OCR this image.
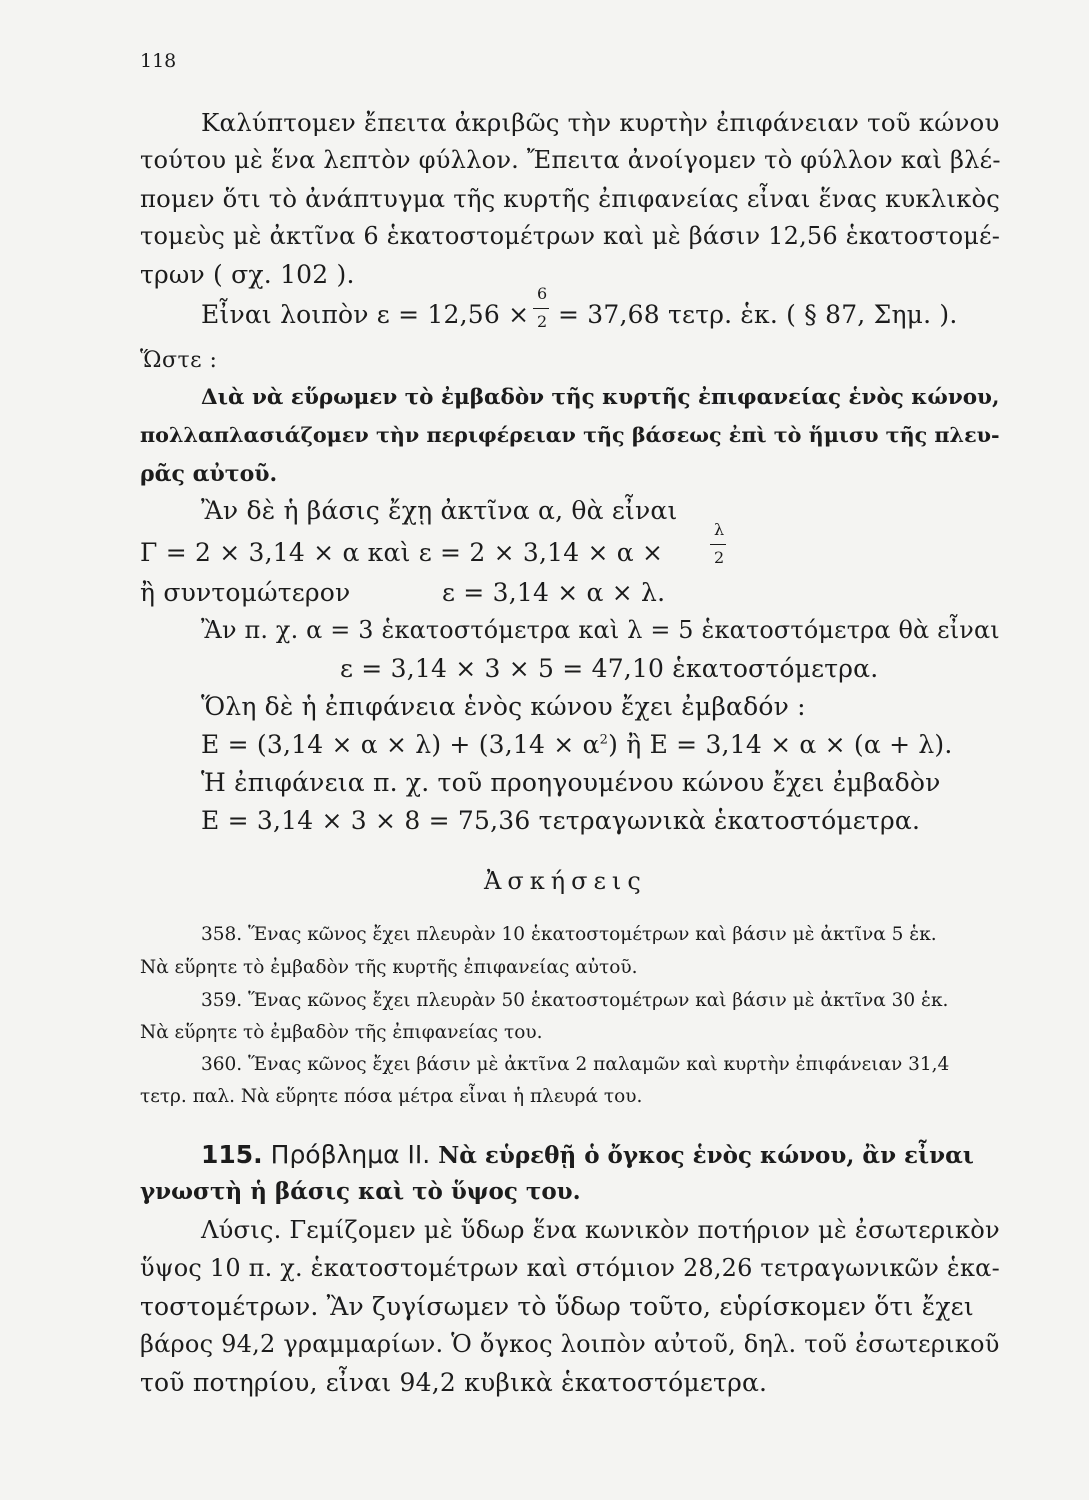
118
Καλύπτομεν ἔπειτα ἀκριβῶς τὴν κυρτὴν ἐπιφάνειαν τοῦ κώνου
τούτου μὲ ἕνα λεπτὸν φύλλον. Ἔπειτα ἀνοίγομεν τὸ φύλλον καὶ βλέ-
πομεν ὅτι τὸ ἀνάπτυγμα τῆς κυρτῆς ἐπιφανείας εἶναι ἕνας κυκλικὸς
τομεὺς μὲ ἀκτῖνα 6 ἑκατοστομέτρων καὶ μὲ βάσιν 12,56 ἑκατοστομέ-
τρων ( σχ. 102 ).
Εἶναι λοιπὸν ε = 12,56 ×
6
2 = 37,68 τετρ. ἑκ. ( § 87, Σημ. ).
Ὥστε :
Διὰ νὰ εὕρωμεν τὸ ἐμβαδὸν τῆς κυρτῆς ἐπιφανείας ἑνὸς κώνου,
πολλαπλασιάζομεν τὴν περιφέρειαν τῆς βάσεως ἐπὶ τὸ ἥμισυ τῆς πλευ-
ρᾶς αὐτοῦ.
Ἂν δὲ ἡ βάσις ἔχῃ ἀκτῖνα α, θὰ εἶναι
Γ = 2 × 3,14 × α καὶ ε = 2 × 3,14 × α ×
λ
2
ἢ συντομώτερον	ε = 3,14 × α × λ.
Ἂν π. χ. α = 3 ἑκατοστόμετρα καὶ λ = 5 ἑκατοστόμετρα θὰ εἶναι
ε = 3,14 × 3 × 5 = 47,10 ἑκατοστόμετρα.
Ὅλη δὲ ἡ ἐπιφάνεια ἑνὸς κώνου ἔχει ἐμβαδόν :
$E = (3,14 \times \alpha \times \lambda) + (3,14 \times \alpha^2)$ ἢ Ε = 3,14 × α × (α + λ).
Ἡ ἐπιφάνεια π. χ. τοῦ προηγουμένου κώνου ἔχει ἐμβαδὸν
Ε = 3,14 × 3 × 8 = 75,36 τετραγωνικὰ ἑκατοστόμετρα.
Ἀσκήσεις
358. Ἕνας κῶνος ἔχει πλευρὰν 10 ἑκατοστομέτρων καὶ βάσιν μὲ ἀκτῖνα 5 ἑκ.
Νὰ εὕρητε τὸ ἐμβαδὸν τῆς κυρτῆς ἐπιφανείας αὐτοῦ.
359. Ἕνας κῶνος ἔχει πλευρὰν 50 ἑκατοστομέτρων καὶ βάσιν μὲ ἀκτῖνα 30 ἑκ.
Νὰ εὕρητε τὸ ἐμβαδὸν τῆς ἐπιφανείας του.
360. Ἕνας κῶνος ἔχει βάσιν μὲ ἀκτῖνα 2 παλαμῶν καὶ κυρτὴν ἐπιφάνειαν 31,4
τετρ. παλ. Νὰ εὕρητε πόσα μέτρα εἶναι ἡ πλευρά του.
115. Πρόβλημα ΙΙ. Νὰ εὑρεθῇ ὁ ὄγκος ἑνὸς κώνου, ἂν εἶναι
γνωστὴ ἡ βάσις καὶ τὸ ὕψος του.
Λύσις. Γεμίζομεν μὲ ὕδωρ ἕνα κωνικὸν ποτήριον μὲ ἐσωτερικὸν
ὕψος 10 π. χ. ἑκατοστομέτρων καὶ στόμιον 28,26 τετραγωνικῶν ἑκα-
τοστομέτρων. Ἂν ζυγίσωμεν τὸ ὕδωρ τοῦτο, εὑρίσκομεν ὅτι ἔχει
βάρος 94,2 γραμμαρίων. Ὁ ὄγκος λοιπὸν αὐτοῦ, δηλ. τοῦ ἐσωτερικοῦ
τοῦ ποτηρίου, εἶναι 94,2 κυβικὰ ἑκατοστόμετρα.
